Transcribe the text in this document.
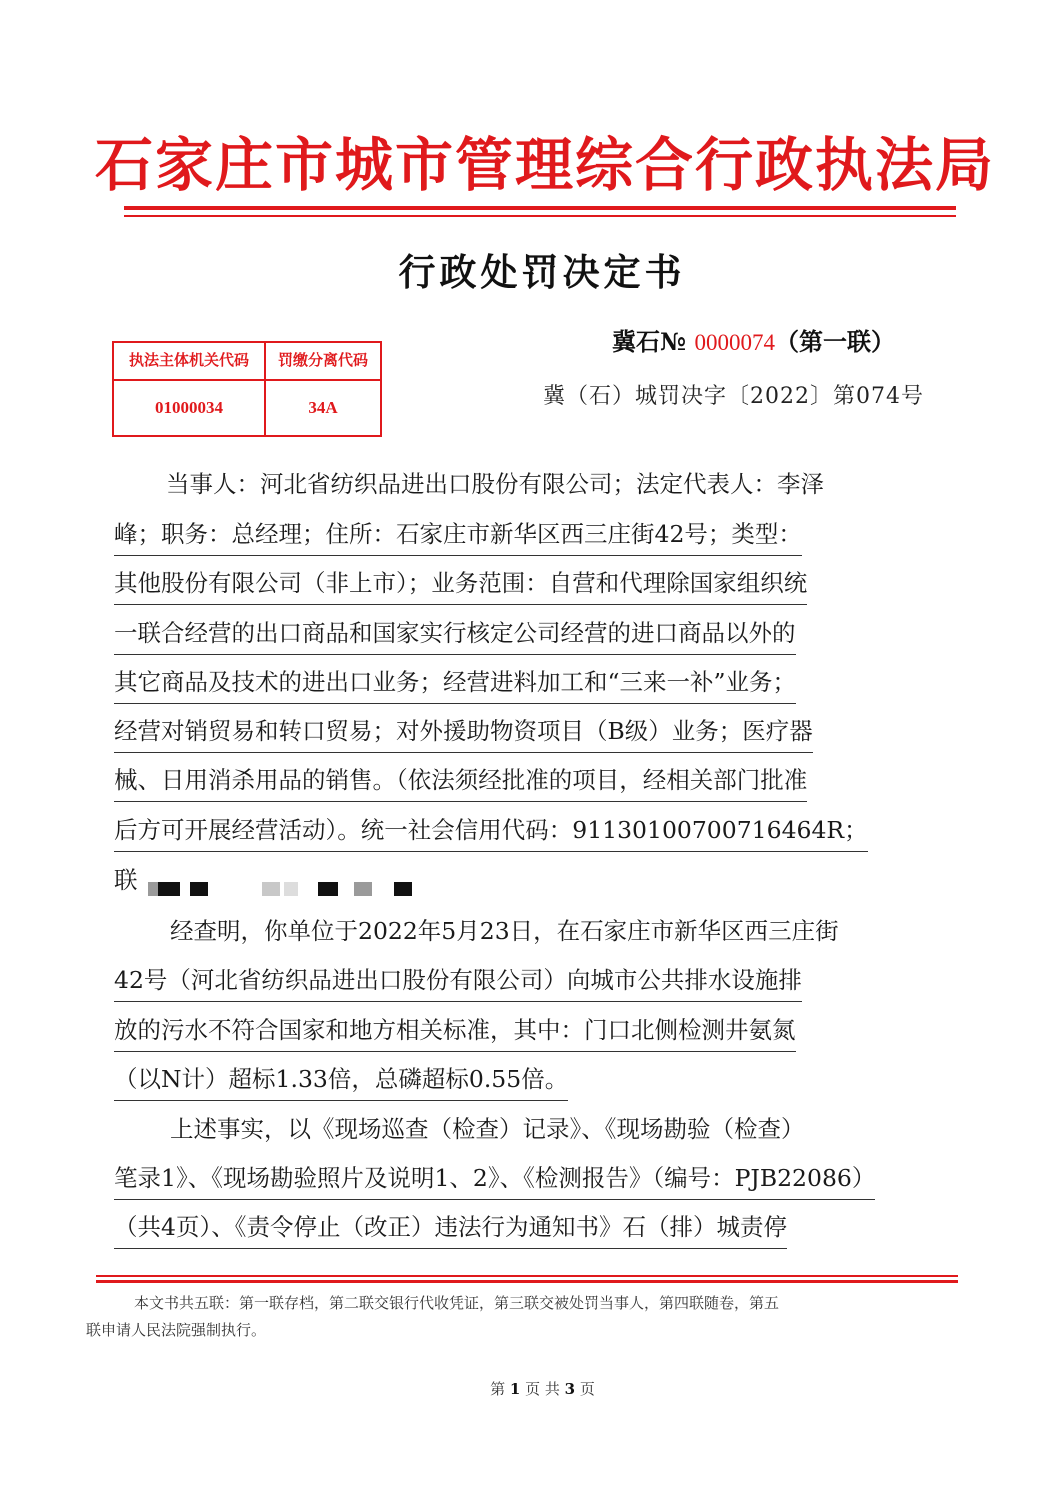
石家庄市城市管理综合行政执法局
行政处罚决定书
冀石№ 0000074（第一联）
冀（石）城罚决字〔2022〕第074号
执法主体机关代码	罚缴分离代码
01000034	34A
当事人：河北省纺织品进出口股份有限公司；法定代表人：李泽
峰；职务：总经理；住所：石家庄市新华区西三庄街42号；类型：
其他股份有限公司（非上市）；业务范围：自营和代理除国家组织统
一联合经营的出口商品和国家实行核定公司经营的进口商品以外的
其它商品及技术的进出口业务；经营进料加工和“三来一补”业务；
经营对销贸易和转口贸易；对外援助物资项目（B级）业务；医疗器
械、日用消杀用品的销售。（依法须经批准的项目，经相关部门批准
后方可开展经营活动）。统一社会信用代码：91130100700716464R；
联
经查明，你单位于2022年5月23日，在石家庄市新华区西三庄街
42号（河北省纺织品进出口股份有限公司）向城市公共排水设施排
放的污水不符合国家和地方相关标准，其中：门口北侧检测井氨氮
（以N计）超标1.33倍，总磷超标0.55倍。
上述事实，以《现场巡查（检查）记录》、《现场勘验（检查）
笔录1》、《现场勘验照片及说明1、2》、《检测报告》（编号：PJB22086）
（共4页）、《责令停止（改正）违法行为通知书》石（排）城责停
本文书共五联：第一联存档，第二联交银行代收凭证，第三联交被处罚当事人，第四联随卷，第五
联申请人民法院强制执行。
第 1 页 共 3 页
